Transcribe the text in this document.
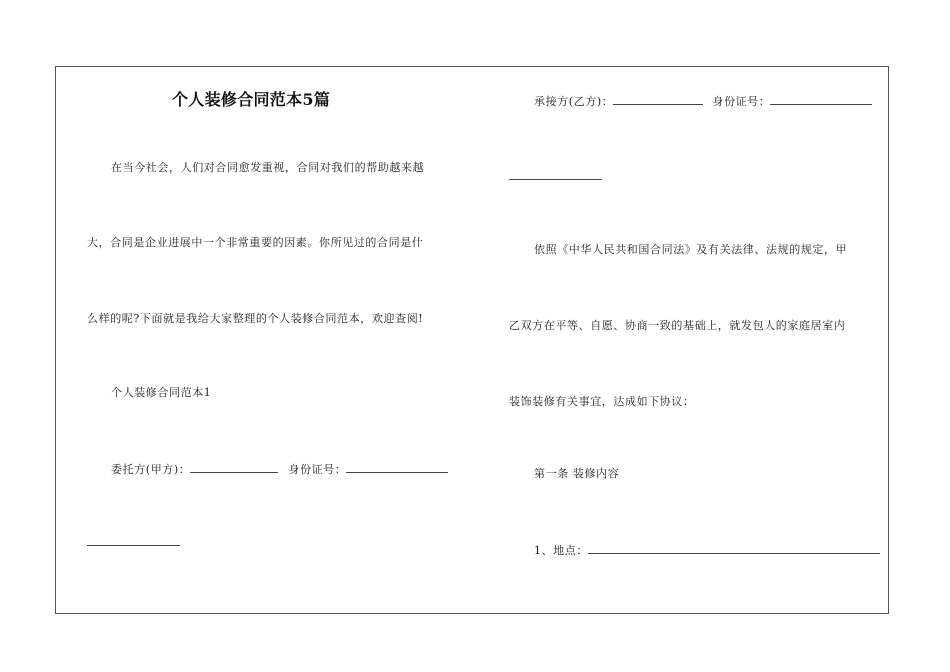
个人装修合同范本5篇
在当今社会，人们对合同愈发重视，合同对我们的帮助越来越
大，合同是企业进展中一个非常重要的因素。你所见过的合同是什
么样的呢?下面就是我给大家整理的个人装修合同范本，欢迎查阅!
个人装修合同范本1
委托方(甲方)：	身份证号：
承接方(乙方)：	身份证号：
依照《中华人民共和国合同法》及有关法律、法规的规定，甲
乙双方在平等、自愿、协商一致的基础上，就发包人的家庭居室内
装饰装修有关事宜，达成如下协议：
第一条 装修内容
1、地点：
